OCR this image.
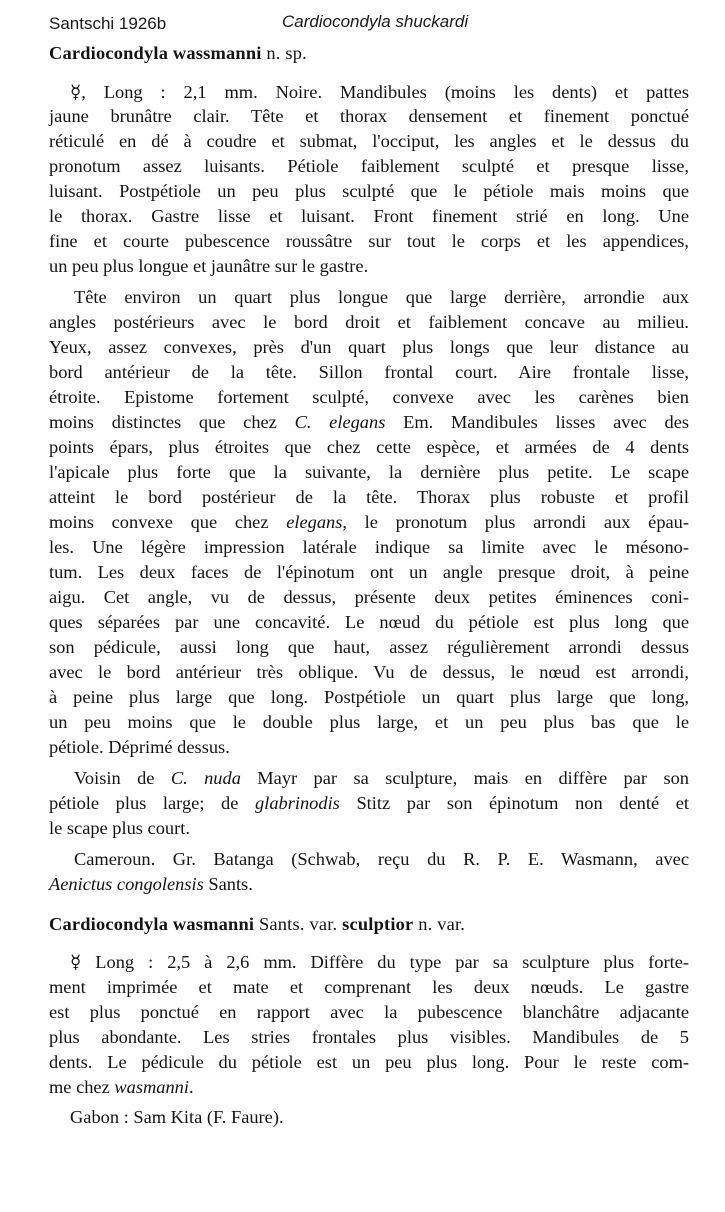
Santschi 1926b	Cardiocondyla shuckardi
Cardiocondyla wassmanni n. sp.
☿, Long : 2,1 mm. Noire. Mandibules (moins les dents) et pattes
jaune brunâtre clair. Tête et thorax densement et finement ponctué
réticulé en dé à coudre et submat, l'occiput, les angles et le dessus du
pronotum assez luisants. Pétiole faiblement sculpté et presque lisse,
luisant. Postpétiole un peu plus sculpté que le pétiole mais moins que
le thorax. Gastre lisse et luisant. Front finement strié en long. Une
fine et courte pubescence roussâtre sur tout le corps et les appendices,
un peu plus longue et jaunâtre sur le gastre.
Tête environ un quart plus longue que large derrière, arrondie aux
angles postérieurs avec le bord droit et faiblement concave au milieu.
Yeux, assez convexes, près d'un quart plus longs que leur distance au
bord antérieur de la tête. Sillon frontal court. Aire frontale lisse,
étroite. Epistome fortement sculpté, convexe avec les carènes bien
moins distinctes que chez C. elegans Em. Mandibules lisses avec des
points épars, plus étroites que chez cette espèce, et armées de 4 dents
l'apicale plus forte que la suivante, la dernière plus petite. Le scape
atteint le bord postérieur de la tête. Thorax plus robuste et profil
moins convexe que chez elegans, le pronotum plus arrondi aux épau-
les. Une légère impression latérale indique sa limite avec le mésono-
tum. Les deux faces de l'épinotum ont un angle presque droit, à peine
aigu. Cet angle, vu de dessus, présente deux petites éminences coni-
ques séparées par une concavité. Le nœud du pétiole est plus long que
son pédicule, aussi long que haut, assez régulièrement arrondi dessus
avec le bord antérieur très oblique. Vu de dessus, le nœud est arrondi,
à peine plus large que long. Postpétiole un quart plus large que long,
un peu moins que le double plus large, et un peu plus bas que le
pétiole. Déprimé dessus.
Voisin de C. nuda Mayr par sa sculpture, mais en diffère par son
pétiole plus large; de glabrinodis Stitz par son épinotum non denté et
le scape plus court.
Cameroun. Gr. Batanga (Schwab, reçu du R. P. E. Wasmann, avec
Aenictus congolensis Sants.
Cardiocondyla wasmanni Sants. var. sculptior n. var.
☿ Long : 2,5 à 2,6 mm. Diffère du type par sa sculpture plus forte-
ment imprimée et mate et comprenant les deux nœuds. Le gastre
est plus ponctué en rapport avec la pubescence blanchâtre adjacante
plus abondante. Les stries frontales plus visibles. Mandibules de 5
dents. Le pédicule du pétiole est un peu plus long. Pour le reste com-
me chez wasmanni.
Gabon : Sam Kita (F. Faure).
